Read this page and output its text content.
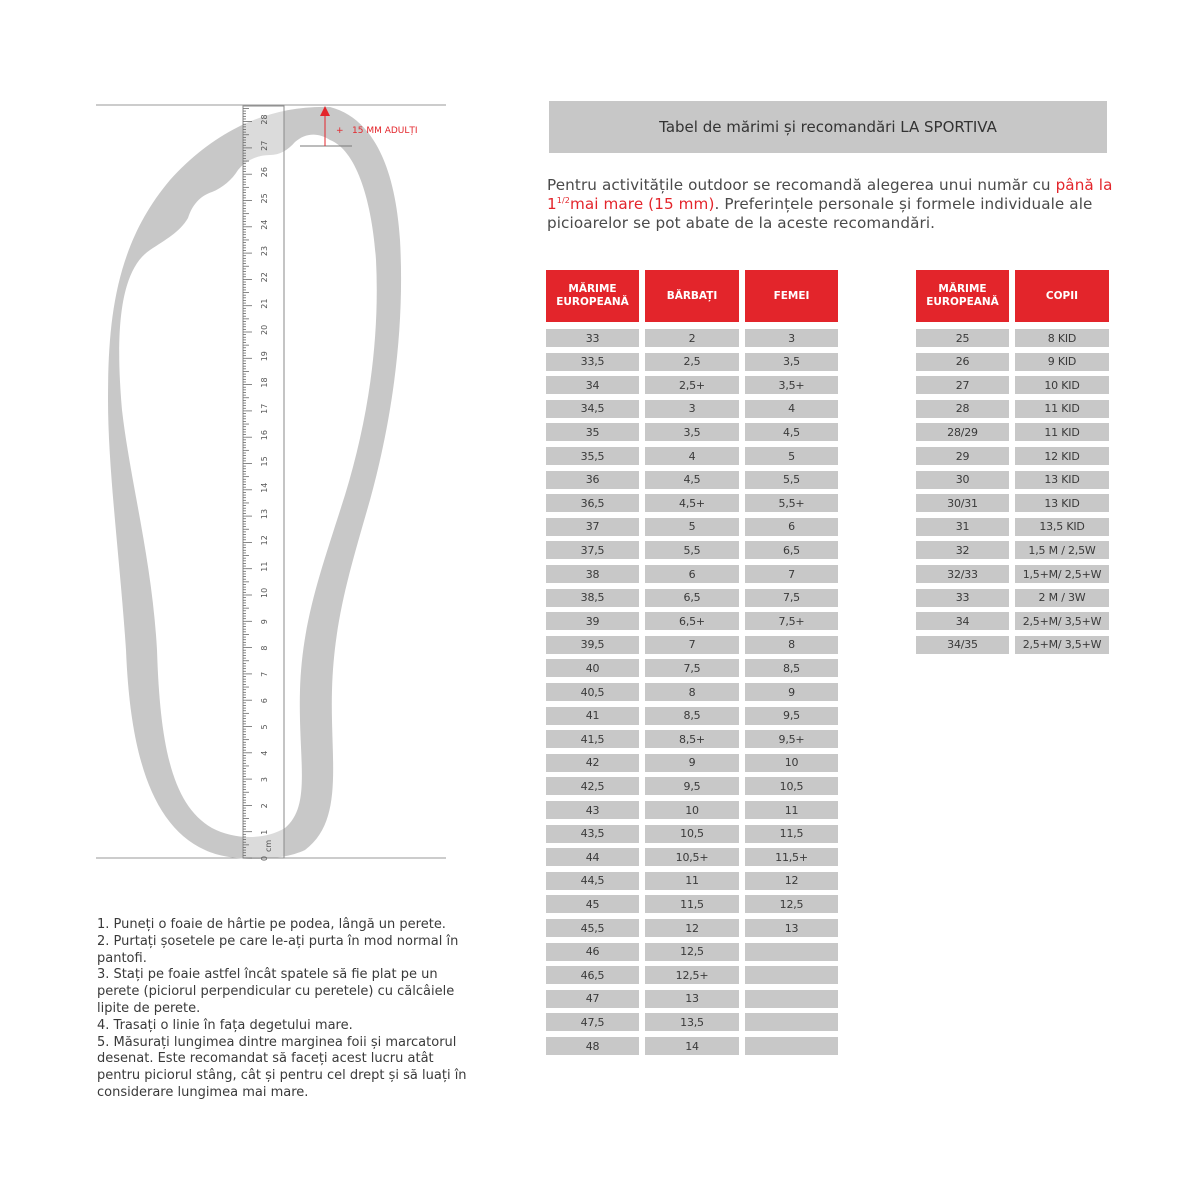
0
1
2
3
4
5
6
7
8
9
10
11
12
13
14
15
16
17
18
19
20
21
22
23
24
25
26
27
28
+ 15 MM ADULȚI
cm
Tabel de mărimi și recomandări LA SPORTIVA
Pentru activitățile outdoor se recomandă alegerea unui număr cu până la $1^{1/2}mai$ mare (15 mm). Preferințele personale și formele individuale ale picioarelor se pot abate de la aceste recomandări.
MĂRIME
EUROPEANĂ
BĂRBAȚI	FEMEI
33	2	3
33,5	2,5	3,5
34	2,5+	3,5+
34,5	3	4
35	3,5	4,5
35,5	4	5
36	4,5	5,5
36,5	4,5+	5,5+
37	5	6
37,5	5,5	6,5
38	6	7
38,5	6,5	7,5
39	6,5+	7,5+
39,5	7	8
40	7,5	8,5
40,5	8	9
41	8,5	9,5
41,5	8,5+	9,5+
42	9	10
42,5	9,5	10,5
43	10	11
43,5	10,5	11,5
44	10,5+	11,5+
44,5	11	12
45	11,5	12,5
45,5	12	13
46	12,5
46,5	12,5+
47	13
47,5	13,5
48	14
MĂRIME
EUROPEANĂ
COPII
25	8 KID
26	9 KID
27	10 KID
28	11 KID
28/29	11 KID
29	12 KID
30	13 KID
30/31	13 KID
31	13,5 KID
32	1,5 M / 2,5W
32/33	1,5+M/ 2,5+W
33	2 M / 3W
34	2,5+M/ 3,5+W
34/35	2,5+M/ 3,5+W

1. Puneți o foaie de hârtie pe podea, lângă un perete.

2. Purtați șosetele pe care le-ați purta în mod normal în pantofi.

3. Stați pe foaie astfel încât spatele să fie plat pe un perete (piciorul perpendicular cu peretele) cu călcâiele lipite de perete.

4. Trasați o linie în fața degetului mare.

5. Măsurați lungimea dintre marginea foii și marcatorul desenat. Este recomandat să faceți acest lucru atât pentru piciorul stâng, cât și pentru cel drept și să luați în considerare lungimea mai mare.
